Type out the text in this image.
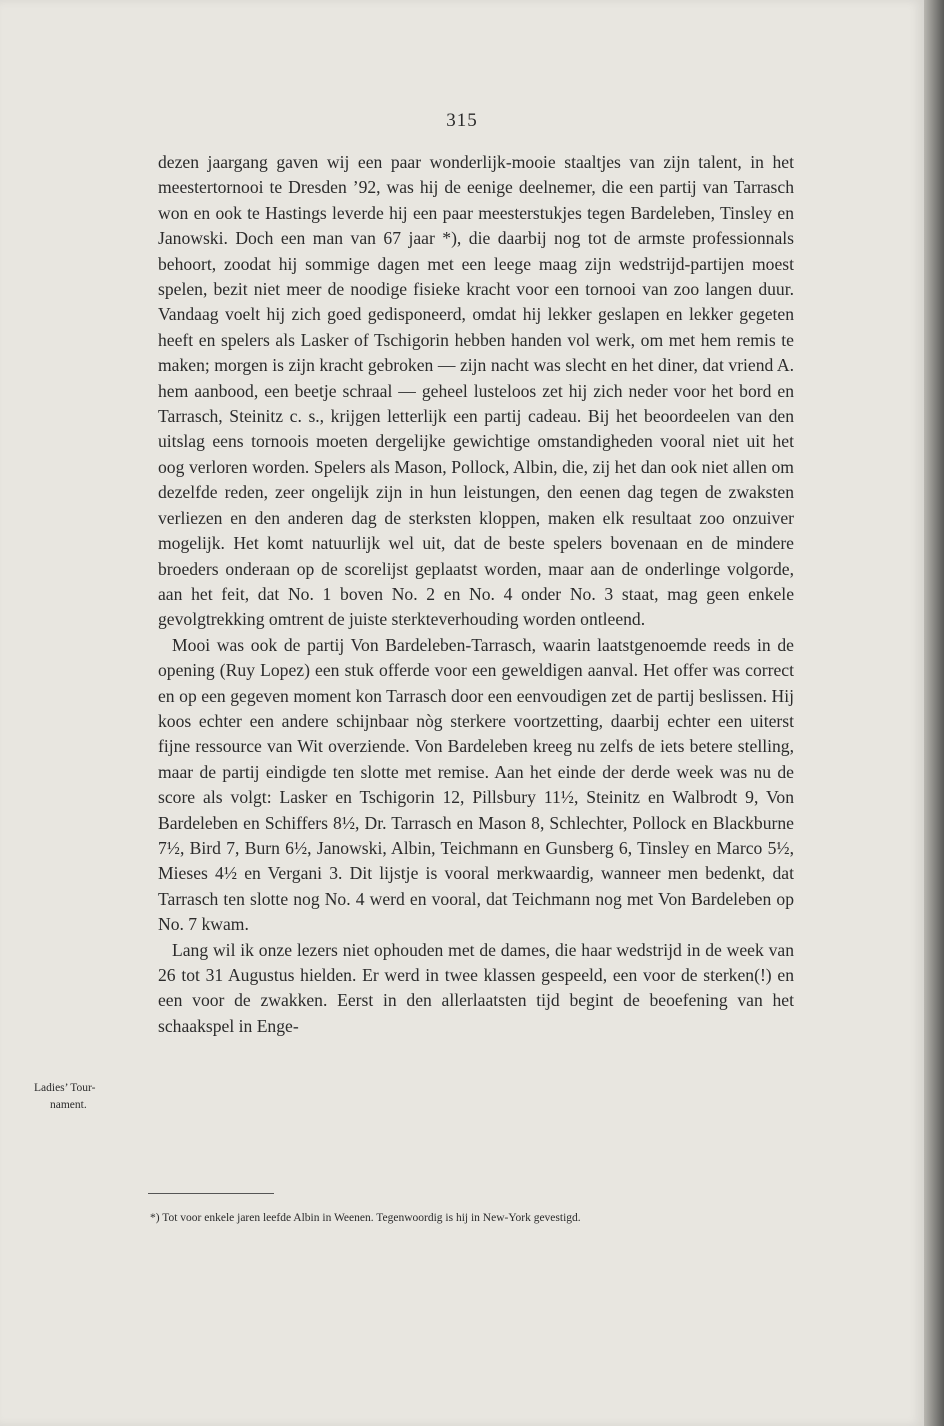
315

dezen jaargang gaven wij een paar wonderlijk-mooie staaltjes van zijn talent, in het meestertornooi te Dresden ’92, was hij de eenige deelnemer, die een partij van Tarrasch won en ook te Hastings leverde hij een paar meesterstukjes tegen Bardeleben, Tinsley en Janowski. Doch een man van 67 jaar *), die daarbij nog tot de armste professionnals behoort, zoodat hij sommige dagen met een leege maag zijn wedstrijd-partijen moest spelen, bezit niet meer de noodige fisieke kracht voor een tornooi van zoo langen duur. Vandaag voelt hij zich goed gedisponeerd, omdat hij lekker geslapen en lekker gegeten heeft en spelers als Lasker of Tschigorin hebben handen vol werk, om met hem remis te maken; morgen is zijn kracht gebroken — zijn nacht was slecht en het diner, dat vriend A. hem aanbood, een beetje schraal — geheel lusteloos zet hij zich neder voor het bord en Tarrasch, Steinitz c. s., krijgen letterlijk een partij cadeau. Bij het beoordeelen van den uitslag eens tornoois moeten dergelijke gewichtige omstandigheden vooral niet uit het oog verloren worden. Spelers als Mason, Pollock, Albin, die, zij het dan ook niet allen om dezelfde reden, zeer ongelijk zijn in hun leistungen, den eenen dag tegen de zwaksten verliezen en den anderen dag de sterksten kloppen, maken elk resultaat zoo onzuiver mogelijk. Het komt natuurlijk wel uit, dat de beste spelers bovenaan en de mindere broeders onderaan op de scorelijst geplaatst worden, maar aan de onderlinge volgorde, aan het feit, dat No. 1 boven No. 2 en No. 4 onder No. 3 staat, mag geen enkele gevolgtrekking omtrent de juiste sterkteverhouding worden ontleend.

Mooi was ook de partij Von Bardeleben-Tarrasch, waarin laatstgenoemde reeds in de opening (Ruy Lopez) een stuk offerde voor een geweldigen aanval. Het offer was correct en op een gegeven moment kon Tarrasch door een eenvoudigen zet de partij beslissen. Hij koos echter een andere schijnbaar nòg sterkere voortzetting, daarbij echter een uiterst fijne ressource van Wit overziende. Von Bardeleben kreeg nu zelfs de iets betere stelling, maar de partij eindigde ten slotte met remise. Aan het einde der derde week was nu de score als volgt: Lasker en Tschigorin 12, Pillsbury 11½, Steinitz en Walbrodt 9, Von Bardeleben en Schiffers 8½, Dr. Tarrasch en Mason 8, Schlechter, Pollock en Blackburne 7½, Bird 7, Burn 6½, Janowski, Albin, Teichmann en Gunsberg 6, Tinsley en Marco 5½, Mieses 4½ en Vergani 3. Dit lijstje is vooral merkwaardig, wanneer men bedenkt, dat Tarrasch ten slotte nog No. 4 werd en vooral, dat Teichmann nog met Von Bardeleben op No. 7 kwam.

Lang wil ik onze lezers niet ophouden met de dames, die haar wedstrijd in de week van 26 tot 31 Augustus hielden. Er werd in twee klassen gespeeld, een voor de sterken(!) en een voor de zwakken. Eerst in den allerlaatsten tijd begint de beoefening van het schaakspel in Enge-

Ladies’ Tour-
nament.
*) Tot voor enkele jaren leefde Albin in Weenen. Tegenwoordig is hij in New-York gevestigd.
